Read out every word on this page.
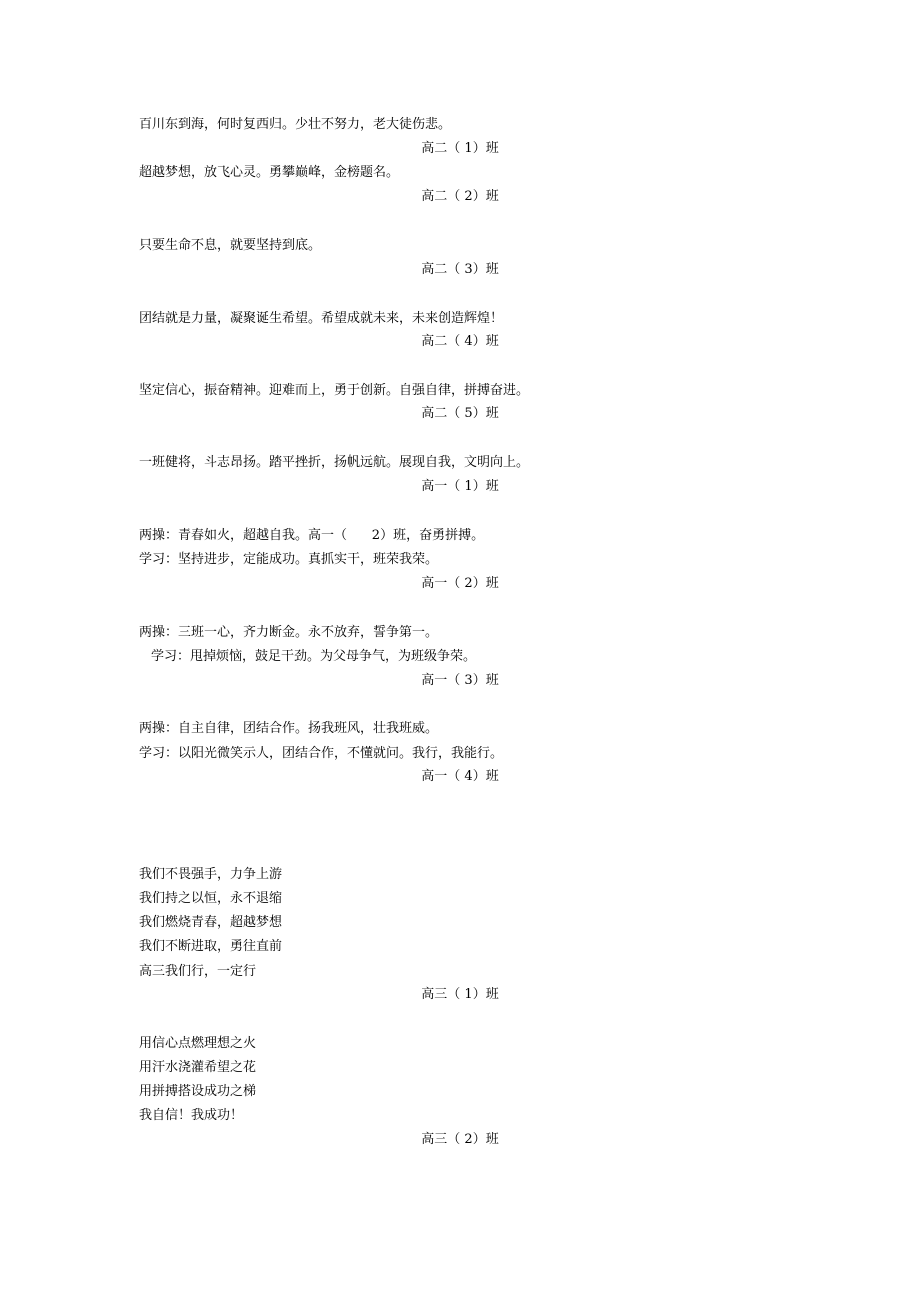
百川东到海，何时复西归。少壮不努力，老大徒伤悲。
高二（ 1）班
超越梦想，放飞心灵。勇攀巅峰，金榜题名。
高二（ 2）班
只要生命不息，就要坚持到底。
高二（ 3）班
团结就是力量，凝聚诞生希望。希望成就未来，未来创造辉煌！
高二（ 4）班
坚定信心，振奋精神。迎难而上，勇于创新。自强自律，拼搏奋进。
高二（ 5）班
一班健将，斗志昂扬。踏平挫折，扬帆远航。展现自我，文明向上。
高一（ 1）班
两操：青春如火，超越自我。高一（      2）班，奋勇拼搏。
学习：坚持进步，定能成功。真抓实干，班荣我荣。
高一（ 2）班
两操：三班一心，齐力断金。永不放弃，誓争第一。
学习：甩掉烦恼，鼓足干劲。为父母争气，为班级争荣。
高一（ 3）班
两操：自主自律，团结合作。扬我班风，壮我班威。
学习：以阳光微笑示人，团结合作，不懂就问。我行，我能行。
高一（ 4）班
我们不畏强手，力争上游
我们持之以恒，永不退缩
我们燃烧青春，超越梦想
我们不断进取，勇往直前
高三我们行，一定行
高三（ 1）班
用信心点燃理想之火
用汗水浇灌希望之花
用拼搏搭设成功之梯
我自信！我成功！
高三（ 2）班
